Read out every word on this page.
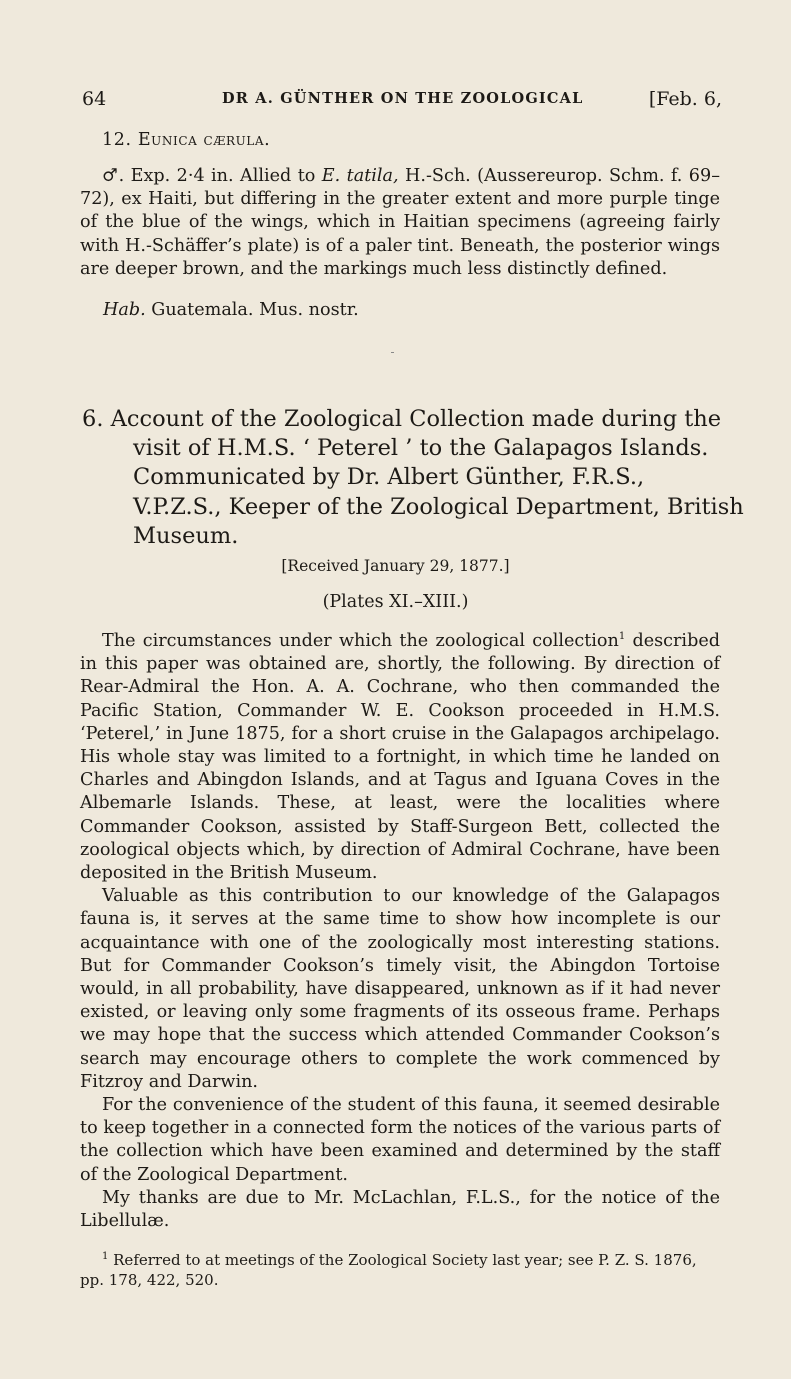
64	DR A. GÜNTHER ON THE ZOOLOGICAL	[Feb. 6,
12. Eunica cærula.

♂. Exp. 2·4 in. Allied to E. tatila, H.-Sch. (Aussereurop. Schm. f. 69–72), ex Haiti, but differing in the greater extent and more purple tinge of the blue of the wings, which in Haitian specimens (agreeing fairly with H.-Schäffer’s plate) is of a paler tint. Beneath, the posterior wings are deeper brown, and the markings much less distinctly defined.

Hab. Guatemala. Mus. nostr.
6. Account of the Zoological Collection made during the
visit of H.M.S. ‘ Peterel ’ to the Galapagos Islands.
Communicated by Dr. Albert Günther, F.R.S.,
V.P.Z.S., Keeper of the Zoological Department, British
Museum.
[Received January 29, 1877.]
(Plates XI.–XIII.)

The circumstances under which the zoological collection$^1$ described in this paper was obtained are, shortly, the following. By direction of Rear-Admiral the Hon. A. A. Cochrane, who then commanded the Pacific Station, Commander W. E. Cookson proceeded in H.M.S. ‘Peterel,’ in June 1875, for a short cruise in the Galapagos archipelago. His whole stay was limited to a fortnight, in which time he landed on Charles and Abingdon Islands, and at Tagus and Iguana Coves in the Albemarle Islands. These, at least, were the localities where Commander Cookson, assisted by Staff-Surgeon Bett, collected the zoological objects which, by direction of Admiral Cochrane, have been deposited in the British Museum.

Valuable as this contribution to our knowledge of the Galapagos fauna is, it serves at the same time to show how incomplete is our acquaintance with one of the zoologically most interesting stations. But for Commander Cookson’s timely visit, the Abingdon Tortoise would, in all probability, have disappeared, unknown as if it had never existed, or leaving only some fragments of its osseous frame. Perhaps we may hope that the success which attended Commander Cookson’s search may encourage others to complete the work commenced by Fitzroy and Darwin.

For the convenience of the student of this fauna, it seemed desirable to keep together in a connected form the notices of the various parts of the collection which have been examined and determined by the staff of the Zoological Department.

My thanks are due to Mr. McLachlan, F.L.S., for the notice of the Libellulæ.

$^1$ Referred to at meetings of the Zoological Society last year; see P. Z. S. 1876, pp. 178, 422, 520.
